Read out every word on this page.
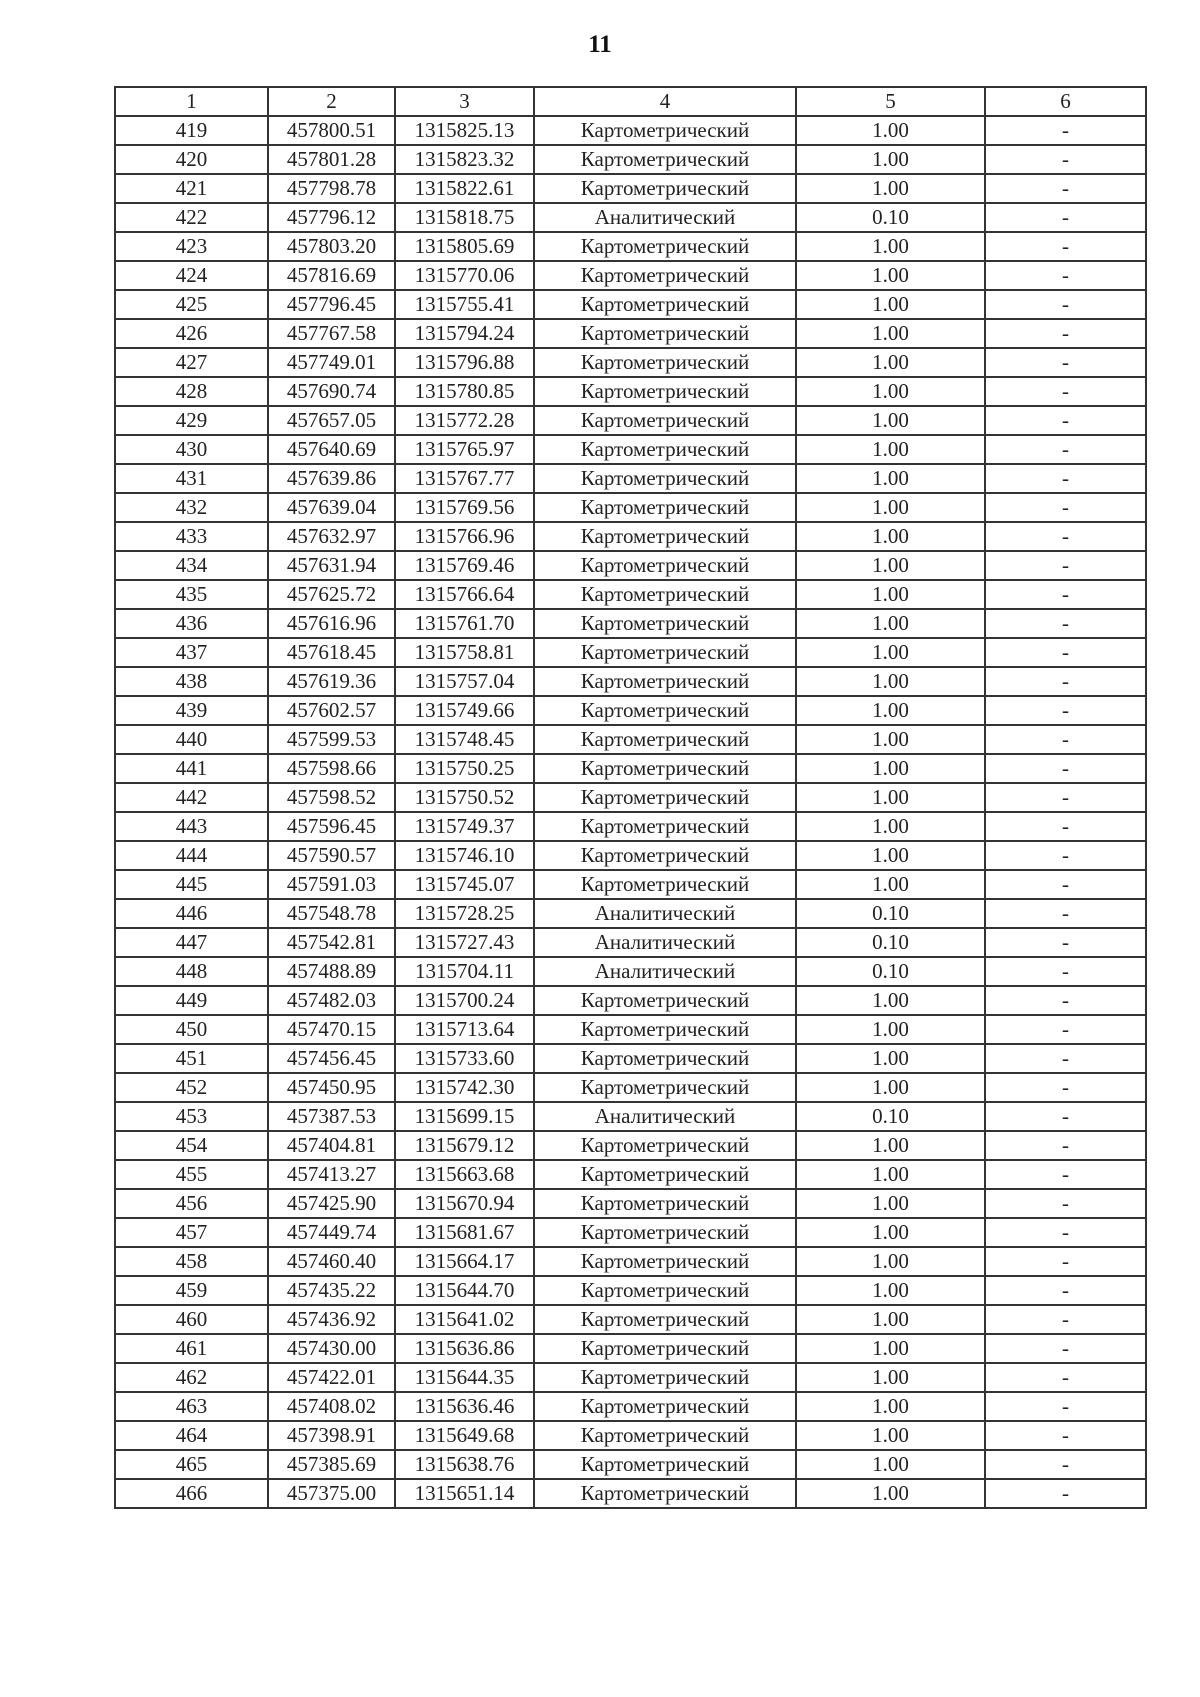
11
1	2	3	4	5	6
419	457800.51	1315825.13	Картометрический	1.00	-
420	457801.28	1315823.32	Картометрический	1.00	-
421	457798.78	1315822.61	Картометрический	1.00	-
422	457796.12	1315818.75	Аналитический	0.10	-
423	457803.20	1315805.69	Картометрический	1.00	-
424	457816.69	1315770.06	Картометрический	1.00	-
425	457796.45	1315755.41	Картометрический	1.00	-
426	457767.58	1315794.24	Картометрический	1.00	-
427	457749.01	1315796.88	Картометрический	1.00	-
428	457690.74	1315780.85	Картометрический	1.00	-
429	457657.05	1315772.28	Картометрический	1.00	-
430	457640.69	1315765.97	Картометрический	1.00	-
431	457639.86	1315767.77	Картометрический	1.00	-
432	457639.04	1315769.56	Картометрический	1.00	-
433	457632.97	1315766.96	Картометрический	1.00	-
434	457631.94	1315769.46	Картометрический	1.00	-
435	457625.72	1315766.64	Картометрический	1.00	-
436	457616.96	1315761.70	Картометрический	1.00	-
437	457618.45	1315758.81	Картометрический	1.00	-
438	457619.36	1315757.04	Картометрический	1.00	-
439	457602.57	1315749.66	Картометрический	1.00	-
440	457599.53	1315748.45	Картометрический	1.00	-
441	457598.66	1315750.25	Картометрический	1.00	-
442	457598.52	1315750.52	Картометрический	1.00	-
443	457596.45	1315749.37	Картометрический	1.00	-
444	457590.57	1315746.10	Картометрический	1.00	-
445	457591.03	1315745.07	Картометрический	1.00	-
446	457548.78	1315728.25	Аналитический	0.10	-
447	457542.81	1315727.43	Аналитический	0.10	-
448	457488.89	1315704.11	Аналитический	0.10	-
449	457482.03	1315700.24	Картометрический	1.00	-
450	457470.15	1315713.64	Картометрический	1.00	-
451	457456.45	1315733.60	Картометрический	1.00	-
452	457450.95	1315742.30	Картометрический	1.00	-
453	457387.53	1315699.15	Аналитический	0.10	-
454	457404.81	1315679.12	Картометрический	1.00	-
455	457413.27	1315663.68	Картометрический	1.00	-
456	457425.90	1315670.94	Картометрический	1.00	-
457	457449.74	1315681.67	Картометрический	1.00	-
458	457460.40	1315664.17	Картометрический	1.00	-
459	457435.22	1315644.70	Картометрический	1.00	-
460	457436.92	1315641.02	Картометрический	1.00	-
461	457430.00	1315636.86	Картометрический	1.00	-
462	457422.01	1315644.35	Картометрический	1.00	-
463	457408.02	1315636.46	Картометрический	1.00	-
464	457398.91	1315649.68	Картометрический	1.00	-
465	457385.69	1315638.76	Картометрический	1.00	-
466	457375.00	1315651.14	Картометрический	1.00	-
